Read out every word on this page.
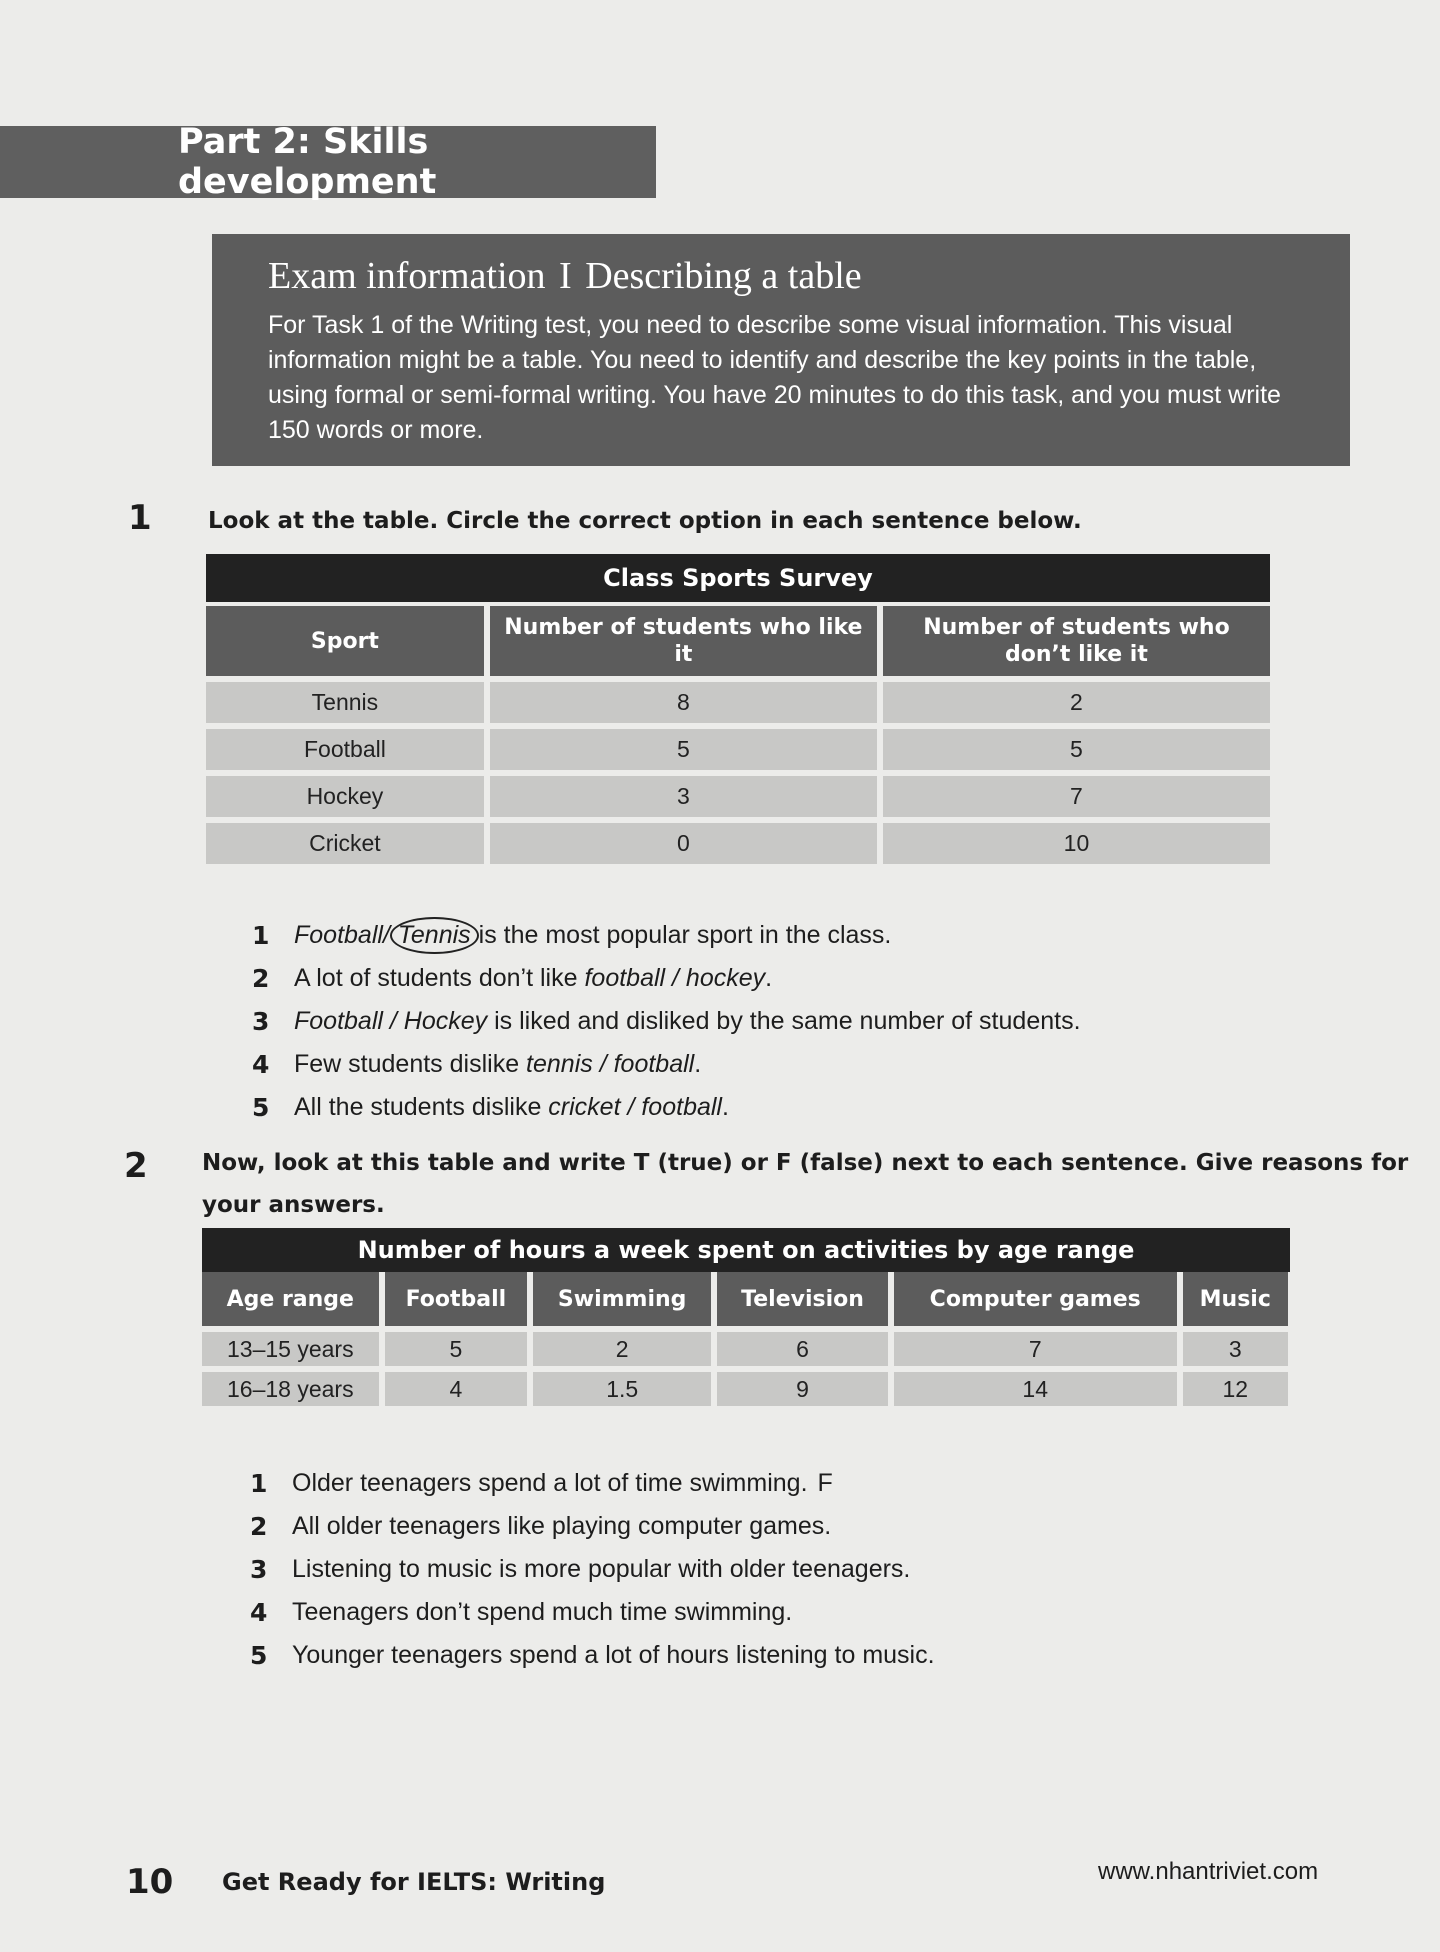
Part 2: Skills development

Exam information I Describing a table

For Task 1 of the Writing test, you need to describe some visual information. This visual information might be a table. You need to identify and describe the key points in the table, using formal or semi-formal writing. You have 20 minutes to do this task, and you must write 150 words or more.

1 Look at the table. Circle the correct option in each sentence below.
Class Sports Survey
Sport	Number of students who like it	Number of students who don’t like it
Tennis	8	2
Football	5	5
Hockey	3	7
Cricket	0	10
1 Football / Tennis is the most popular sport in the class.
2 A lot of students don’t like football / hockey .
3 Football / Hockey is liked and disliked by the same number of students.
4 Few students dislike tennis / football .
5 All the students dislike cricket / football .
2 Now, look at this table and write T (true) or F (false) next to each sentence. Give reasons for
your answers.
Number of hours a week spent on activities by age range
Age range	Football	Swimming	Television	Computer games	Music
13–15 years	5	2	6	7	3
16–18 years	4	1.5	9	14	12
1 Older teenagers spend a lot of time swimming. F
2 All older teenagers like playing computer games.
3 Listening to music is more popular with older teenagers.
4 Teenagers don’t spend much time swimming.
5 Younger teenagers spend a lot of hours listening to music.
10 Get Ready for IELTS: Writing	www.nhantriviet.com
